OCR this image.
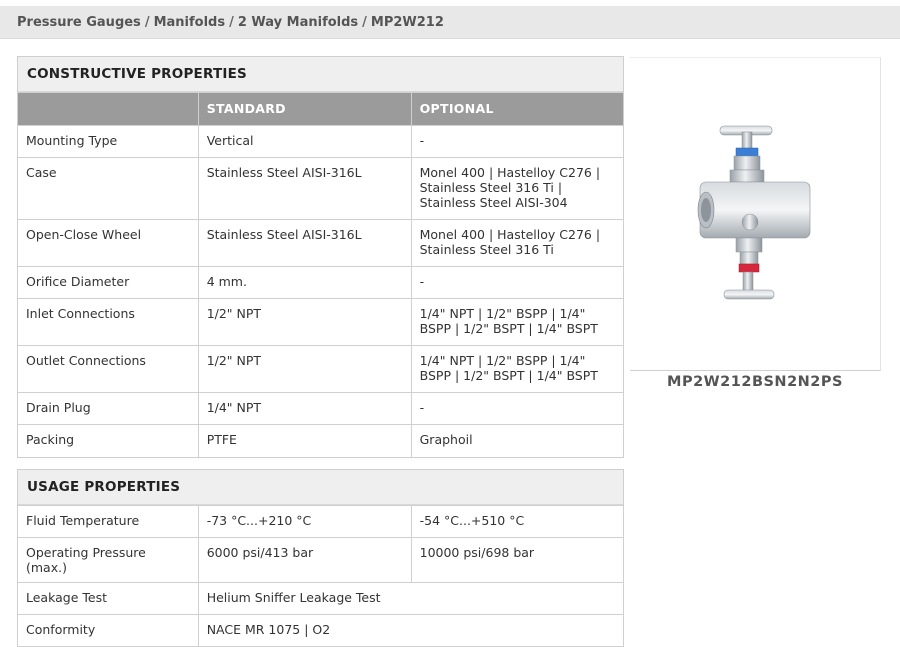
Pressure Gauges / Manifolds / 2 Way Manifolds / MP2W212
CONSTRUCTIVE PROPERTIES
	STANDARD	OPTIONAL
Mounting Type	Vertical	-
Case	Stainless Steel AISI-316L	Monel 400 | Hastelloy C276 | Stainless Steel 316 Ti | Stainless Steel AISI-304
Open-Close Wheel	Stainless Steel AISI-316L	Monel 400 | Hastelloy C276 | Stainless Steel 316 Ti
Orifice Diameter	4 mm.	-
Inlet Connections	1/2" NPT	1/4" NPT | 1/2" BSPP | 1/4" BSPP | 1/2" BSPT | 1/4" BSPT
Outlet Connections	1/2" NPT	1/4" NPT | 1/2" BSPP | 1/4" BSPP | 1/2" BSPT | 1/4" BSPT
Drain Plug	1/4" NPT	-
Packing	PTFE	Graphoil
USAGE PROPERTIES
Fluid Temperature	-73 °C...+210 °C	-54 °C...+510 °C
Operating Pressure (max.)	6000 psi/413 bar	10000 psi/698 bar
Leakage Test	Helium Sniffer Leakage Test	
Conformity	NACE MR 1075 | O2	
MP2W212BSN2N2PS
